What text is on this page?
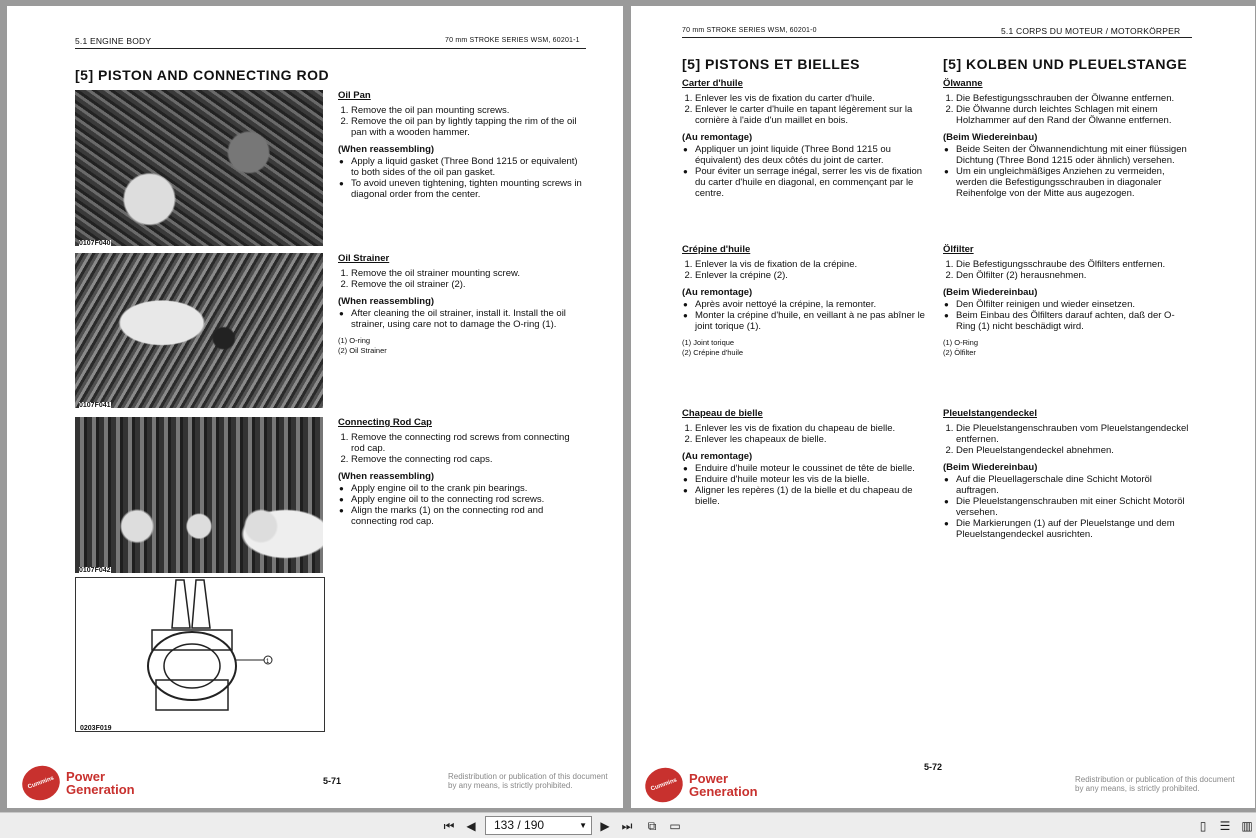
5.1 ENGINE BODY	70 mm STROKE SERIES WSM, 60201-1
[5] PISTON AND CONNECTING ROD
0107F040
0107F041
0107F042
1
0203F019
Oil Pan
1. Remove the oil pan mounting screws.
2. Remove the oil pan by lightly tapping the rim of the oil pan with a wooden hammer.
(When reassembling)
● Apply a liquid gasket (Three Bond 1215 or equivalent) to both sides of the oil pan gasket.
● To avoid uneven tightening, tighten mounting screws in diagonal order from the center.
Oil Strainer
1. Remove the oil strainer mounting screw.
2. Remove the oil strainer (2).
(When reassembling)
● After cleaning the oil strainer, install it. Install the oil strainer, using care not to damage the O-ring (1).
(1) O-ring
(2) Oil Strainer
Connecting Rod Cap
1. Remove the connecting rod screws from connecting rod cap.
2. Remove the connecting rod caps.
(When reassembling)
● Apply engine oil to the crank pin bearings.
● Apply engine oil to the connecting rod screws.
● Align the marks (1) on the connecting rod and connecting rod cap.
Cummins Power
Generation
5-71	Redistribution or publication of this document
by any means, is strictly prohibited.
70 mm STROKE SERIES WSM, 60201-0	5.1 CORPS DU MOTEUR / MOTORKÖRPER
[5] PISTONS ET BIELLES	[5] KOLBEN UND PLEUELSTANGE
Carter d'huile
1. Enlever les vis de fixation du carter d'huile.
2. Enlever le carter d'huile en tapant légèrement sur la cornière à l'aide d'un maillet en bois.
(Au remontage)
● Appliquer un joint liquide (Three Bond 1215 ou équivalent) des deux côtés du joint de carter.
● Pour éviter un serrage inégal, serrer les vis de fixation du carter d'huile en diagonal, en commençant par le centre.
Ölwanne
1. Die Befestigungsschrauben der Ölwanne entfernen.
2. Die Ölwanne durch leichtes Schlagen mit einem Holzhammer auf den Rand der Ölwanne entfernen.
(Beim Wiedereinbau)
● Beide Seiten der Ölwannendichtung mit einer flüssigen Dichtung (Three Bond 1215 oder ähnlich) versehen.
● Um ein ungleichmäßiges Anziehen zu vermeiden, werden die Befestigungsschrauben in diagonaler Reihenfolge von der Mitte aus augezogen.
Crépine d'huile
1. Enlever la vis de fixation de la crépine.
2. Enlever la crépine (2).
(Au remontage)
● Après avoir nettoyé la crépine, la remonter.
● Monter la crépine d'huile, en veillant à ne pas abîner le joint torique (1).
(1) Joint torique
(2) Crépine d'huile
Ölfilter
1. Die Befestigungsschraube des Ölfilters entfernen.
2. Den Ölfilter (2) herausnehmen.
(Beim Wiedereinbau)
● Den Ölfilter reinigen und wieder einsetzen.
● Beim Einbau des Ölfilters darauf achten, daß der O-Ring (1) nicht beschädigt wird.
(1) O-Ring
(2) Ölfilter
Chapeau de bielle
1. Enlever les vis de fixation du chapeau de bielle.
2. Enlever les chapeaux de bielle.
(Au remontage)
● Enduire d'huile moteur le coussinet de tête de bielle.
● Enduire d'huile moteur les vis de la bielle.
● Aligner les repères (1) de la bielle et du chapeau de bielle.
Pleuelstangendeckel
1. Die Pleuelstangenschrauben vom Pleuelstangendeckel entfernen.
2. Den Pleuelstangendeckel abnehmen.
(Beim Wiedereinbau)
● Auf die Pleuellagerschale dine Schicht Motoröl auftragen.
● Die Pleuelstangenschrauben mit einer Schicht Motoröl versehen.
● Die Markierungen (1) auf der Pleuelstange und dem Pleuelstangendeckel ausrichten.
Cummins Power
Generation
5-72
Redistribution or publication of this document
by any means, is strictly prohibited.
⏮ ◀	133 / 190	▼ ▶ ⏭	⧉	▭	▯	☰ ▥
